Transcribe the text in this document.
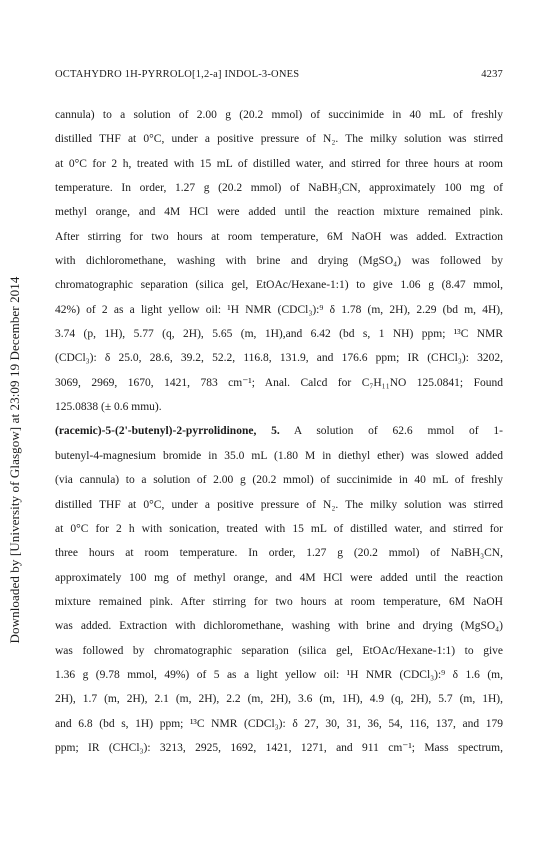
Downloaded by [University of Glasgow] at 23:09 19 December 2014
OCTAHYDRO 1H-PYRROLO[1,2-a] INDOL-3-ONES	4237
cannula) to a solution of 2.00 g (20.2 mmol) of succinimide in 40 mL of freshly
distilled THF at 0°C, under a positive pressure of N₂. The milky solution was stirred
at 0°C for 2 h, treated with 15 mL of distilled water, and stirred for three hours at room
temperature. In order, 1.27 g (20.2 mmol) of NaBH₃CN, approximately 100 mg of
methyl orange, and 4M HCl were added until the reaction mixture remained pink.
After stirring for two hours at room temperature, 6M NaOH was added. Extraction
with dichloromethane, washing with brine and drying (MgSO₄) was followed by
chromatographic separation (silica gel, EtOAc/Hexane-1:1) to give 1.06 g (8.47 mmol,
42%) of 2 as a light yellow oil: ¹H NMR (CDCl₃):⁹ δ 1.78 (m, 2H), 2.29 (bd m, 4H),
3.74 (p, 1H), 5.77 (q, 2H), 5.65 (m, 1H),and 6.42 (bd s, 1 NH) ppm; ¹³C NMR
(CDCl₃): δ 25.0, 28.6, 39.2, 52.2, 116.8, 131.9, and 176.6 ppm; IR (CHCl₃): 3202,
3069, 2969, 1670, 1421, 783 cm⁻¹; Anal. Calcd for C₇H₁₁NO 125.0841; Found
125.0838 (± 0.6 mmu).
(racemic)-5-(2'-butenyl)-2-pyrrolidinone, 5. A solution of 62.6 mmol of 1-
butenyl-4-magnesium bromide in 35.0 mL (1.80 M in diethyl ether) was slowed added
(via cannula) to a solution of 2.00 g (20.2 mmol) of succinimide in 40 mL of freshly
distilled THF at 0°C, under a positive pressure of N₂. The milky solution was stirred
at 0°C for 2 h with sonication, treated with 15 mL of distilled water, and stirred for
three hours at room temperature. In order, 1.27 g (20.2 mmol) of NaBH₃CN,
approximately 100 mg of methyl orange, and 4M HCl were added until the reaction
mixture remained pink. After stirring for two hours at room temperature, 6M NaOH
was added. Extraction with dichloromethane, washing with brine and drying (MgSO₄)
was followed by chromatographic separation (silica gel, EtOAc/Hexane-1:1) to give
1.36 g (9.78 mmol, 49%) of 5 as a light yellow oil: ¹H NMR (CDCl₃):⁹ δ 1.6 (m,
2H), 1.7 (m, 2H), 2.1 (m, 2H), 2.2 (m, 2H), 3.6 (m, 1H), 4.9 (q, 2H), 5.7 (m, 1H),
and 6.8 (bd s, 1H) ppm; ¹³C NMR (CDCl₃): δ 27, 30, 31, 36, 54, 116, 137, and 179
ppm; IR (CHCl₃): 3213, 2925, 1692, 1421, 1271, and 911 cm⁻¹; Mass spectrum,
